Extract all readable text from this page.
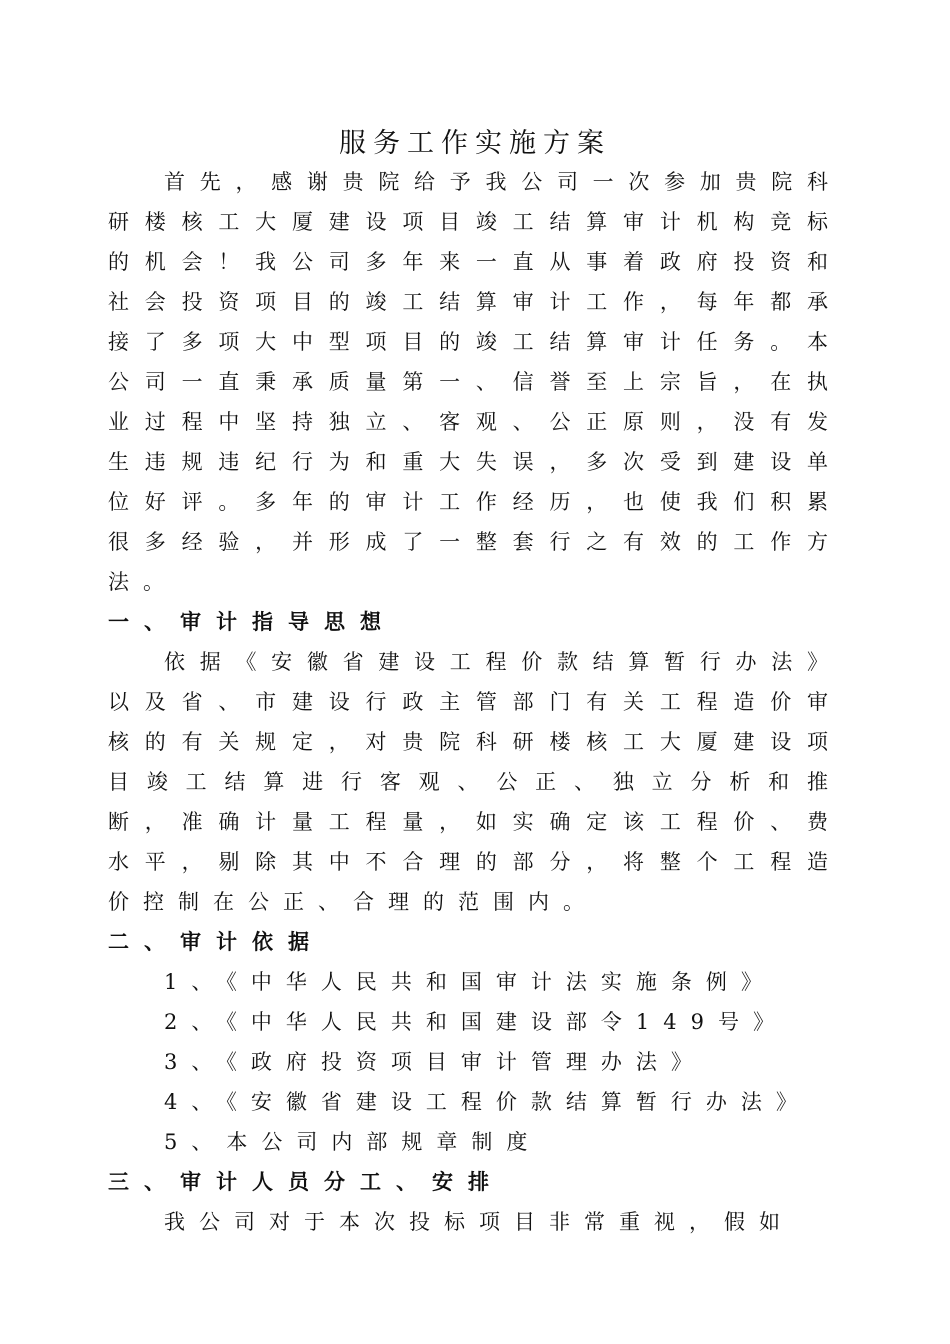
服务工作实施方案

首先，感谢贵院给予我公司一次参加贵院科研楼核工大厦建设项目竣工结算审计机构竞标的机会！我公司多年来一直从事着政府投资和社会投资项目的竣工结算审计工作，每年都承接了多项大中型项目的竣工结算审计任务。本公司一直秉承质量第一、信誉至上宗旨，在执业过程中坚持独立、客观、公正原则，没有发生违规违纪行为和重大失误，多次受到建设单位好评。多年的审计工作经历，也使我们积累很多经验，并形成了一整套行之有效的工作方法。

一、审计指导思想

依据《安徽省建设工程价款结算暂行办法》以及省、市建设行政主管部门有关工程造价审核的有关规定，对贵院科研楼核工大厦建设项目竣工结算进行客观、公正、独立分析和推断，准确计量工程量，如实确定该工程价、费水平，剔除其中不合理的部分，将整个工程造价控制在公正、合理的范围内。

二、审计依据

1、《中华人民共和国审计法实施条例》

2、《中华人民共和国建设部令149号》

3、《政府投资项目审计管理办法》

4、《安徽省建设工程价款结算暂行办法》

5、本公司内部规章制度

三、审计人员分工、安排

我公司对于本次投标项目非常重视，假如
